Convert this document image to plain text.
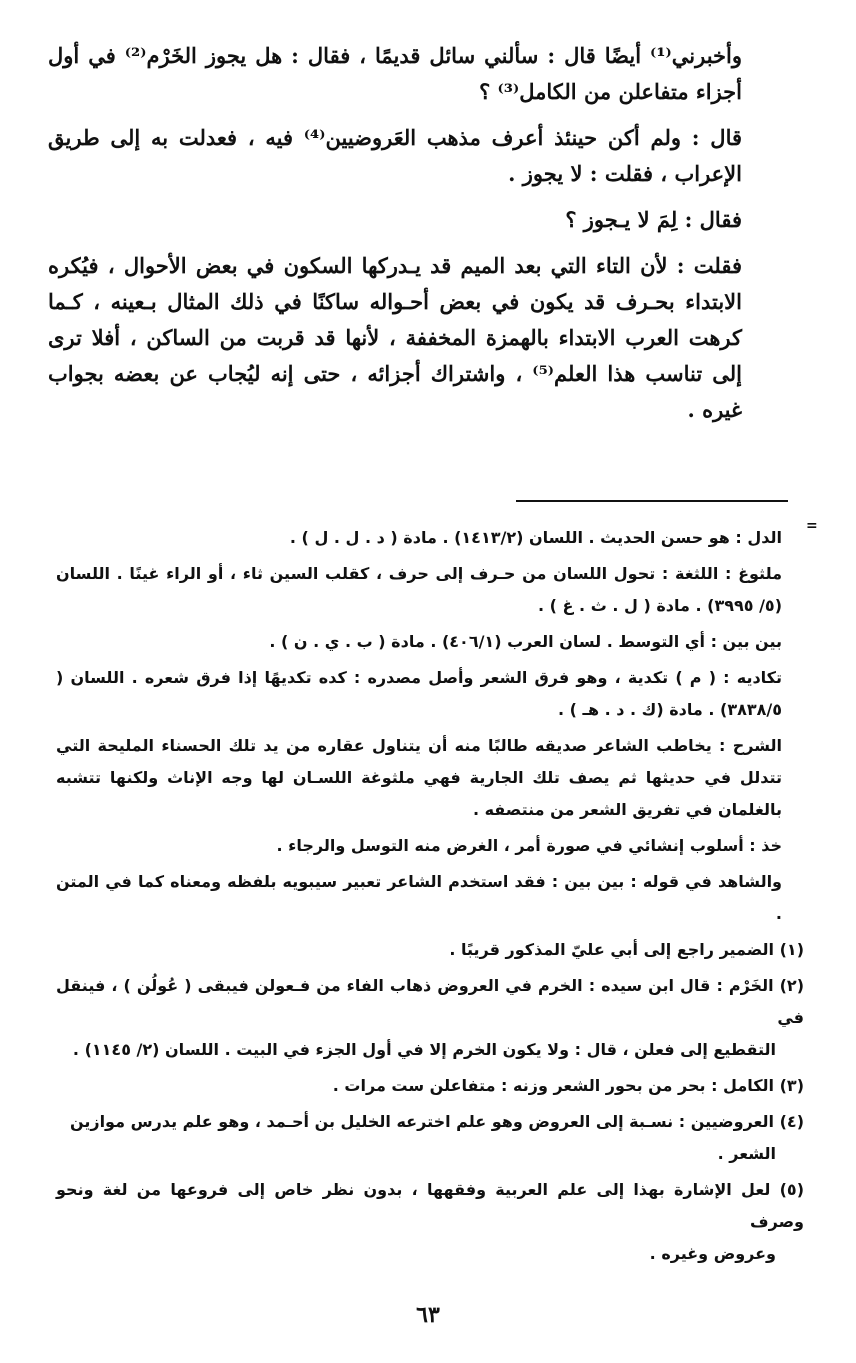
وأخبرني⁽¹⁾ أيضًا قال : سألني سائل قديمًا ، فقال : هل يجوز الخَرْم⁽²⁾ في أول أجزاء متفاعلن من الكامل⁽³⁾ ؟

قال : ولم أكن حينئذ أعرف مذهب العَروضيين⁽⁴⁾ فيه ، فعدلت به إلى طريق الإعراب ، فقلت : لا يجوز .

فقال : لِمَ لا يـجوز ؟

فقلت : لأن التاء التي بعد الميم قد يـدركها السكون في بعض الأحوال ، فيُكره الابتداء بحـرف قد يكون في بعض أحـواله ساكنًا في ذلك المثال بـعينه ، كـما كرهت العرب الابتداء بالهمزة المخففة ، لأنها قد قربت من الساكن ، أفلا ترى إلى تناسب هذا العلم⁽⁵⁾ ، واشتراك أجزائه ، حتى إنه ليُجاب عن بعضه بجواب غيره .

=

الدل : هو حسن الحديث . اللسان (١٤١٣/٢) . مادة ( د . ل . ل ) .

ملثوغ : اللثغة : تحول اللسان من حـرف إلى حرف ، كقلب السين ثاء ، أو الراء غينًا . اللسان (٥/ ٣٩٩٥) . مادة ( ل . ث . غ ) .

بين بين : أي التوسط . لسان العرب (٤٠٦/١) . مادة ( ب . ي . ن ) .

تكاديه : ( م ) تكدية ، وهو فرق الشعر وأصل مصدره : كده تكديهًا إذا فرق شعره . اللسان ( ٣٨٣٨/٥) . مادة (ك . د . هـ ) .

الشرح : يخاطب الشاعر صديقه طالبًا منه أن يتناول عقاره من يد تلك الحسناء المليحة التي تتدلل في حديثها ثم يصف تلك الجارية فهي ملثوغة اللسـان لها وجه الإناث ولكنها تتشبه بالغلمان في تفريق الشعر من منتصفه .

خذ : أسلوب إنشائي في صورة أمر ، الغرض منه التوسل والرجاء .

والشاهد في قوله : بين بين : فقد استخدم الشاعر تعبير سيبويه بلفظه ومعناه كما في المتن .

(١) الضمير راجع إلى أبي عليّ المذكور قريبًا .

(٢) الخَرْم : قال ابن سيده : الخرم في العروض ذهاب الفاء من فـعولن فيبقى ( عُولُن ) ، فينقل في
التقطيع إلى فعلن ، قال : ولا يكون الخرم إلا في أول الجزء في البيت . اللسان (٢/ ١١٤٥) .

(٣) الكامل : بحر من بحور الشعر وزنه : متفاعلن ست مرات .

(٤) العروضيين : نسـبة إلى العروض وهو علم اخترعه الخليل بن أحـمد ، وهو علم يدرس موازين
الشعر .

(٥) لعل الإشارة بهذا إلى علم العربية وفقهها ، بدون نظر خاص إلى فروعها من لغة ونحو وصرف
وعروض وغيره .

٦٣
